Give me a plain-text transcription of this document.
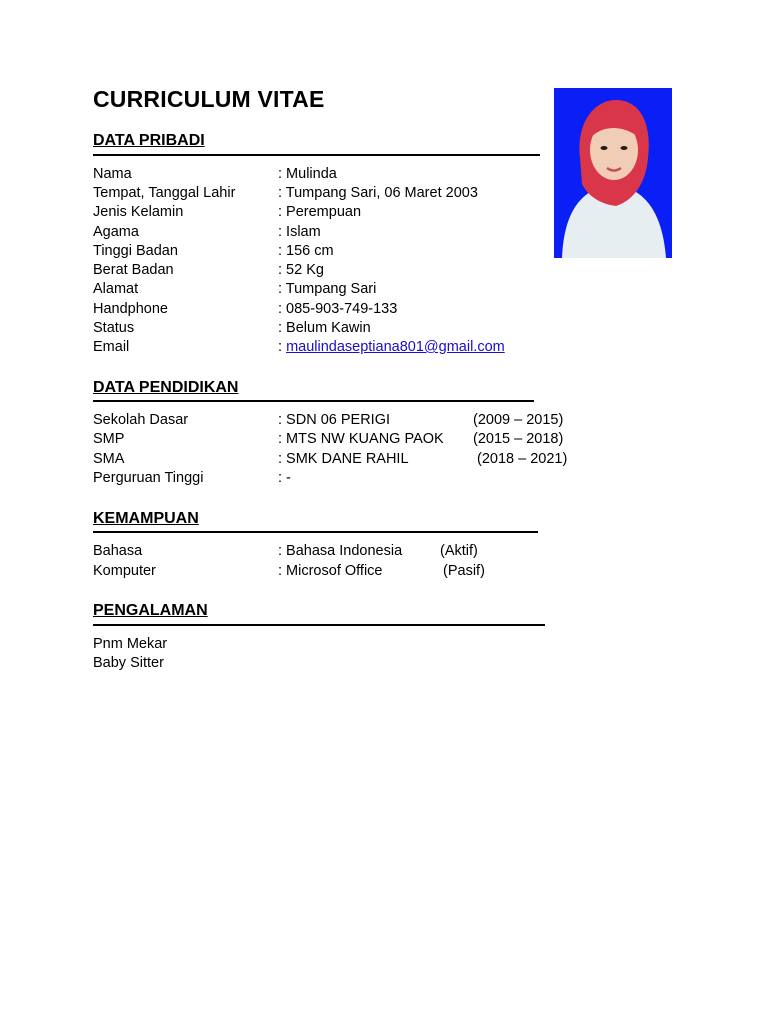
CURRICULUM VITAE
DATA PRIBADI
Nama	: Mulinda
Tempat, Tanggal Lahir	: Tumpang Sari, 06 Maret 2003
Jenis Kelamin	: Perempuan
Agama	: Islam
Tinggi Badan	: 156 cm
Berat Badan	: 52 Kg
Alamat	: Tumpang Sari
Handphone	: 085-903-749-133
Status	: Belum Kawin
Email	: maulindaseptiana801@gmail.com
DATA PENDIDIKAN
Sekolah Dasar	: SDN 06 PERIGI	(2009 – 2015)
SMP	: MTS NW KUANG PAOK (2015 – 2018)
SMA	: SMK DANE RAHIL	(2018 – 2021)
Perguruan Tinggi	: -
KEMAMPUAN
Bahasa	: Bahasa Indonesia	(Aktif)
Komputer	: Microsof Office	(Pasif)
PENGALAMAN
Pnm Mekar
Baby Sitter
